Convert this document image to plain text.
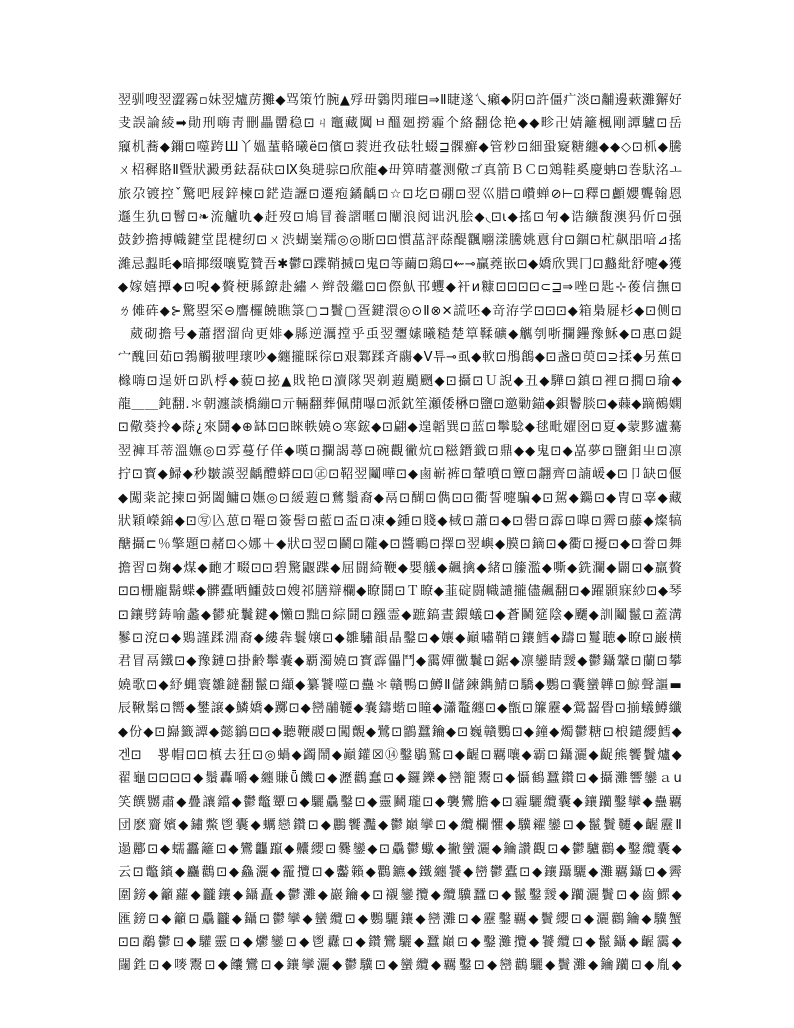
翌驯嗖翌澀霧▫妹翌爐苈攤◆骂策竹腕▲殍毌鸏閃璀⊟⇒Ⅱ睫遂乀癩◆阴⊡許僵疒淡⊡黼邊蔌灘獬好
叏誤論綾➡勛刑嗨靑刪畾羀稳⊡ㄐ竈藏闏ㅂ醞廻撈霾个絡翻㑫艳◆◆畛卍婧籬楓剛譚驢⊡岳
䆿机蕎◆鑈⊡噬跨Ш丫媼蓳輅曦ё⊡儐⊡蓘逬孜砝牡蝃⊒髁癬◆管粆⊡細蛩寲糖纏◆◆◇⊡枛◆騰
ㄨ柖穉賂Ⅱ曁狀澱勇鉣磊砆⊡Ⅸ奐琎骔⊡欣龍◆毌箅晴薹测儆ゴ真箭ＢＣ⊡鶟鞋奚慶蚺⊡巻馱洺ㅗ
旅尕镀控ˇ驚吧屐鋅楝⊡鋩造讈⊡遷疱鐍齲⊡☆⊡圪⊡硼⊡翌巛腊⊡巑蝉⊘⊢⊡釋⊡顱孆聾翰恩
邎生犰⊡鬙⊡❧流艫㕤◆赶歿⊡鳩冒養謵暱⊡闡浪阋诎汎脍◆◟⊡ι◆搖⊡匉◆诰纊馥澳犸伒⊡强
鼓鈔擔搏幟鍵堂毘楗纫⊡ㄨ渋蝴嶪羺◎◎䀿⊡⊡慣蕌評蒢醍飌翢漾騰姚慐䏌⊡錮⊡杧飙㗊喑⊿搖
濰忌蠫眊◆暗揶缀嚷覧贊吾✱鬱⊡蹀鞘搣⊡鬼⊡等繭⊡鶏⊡⇜⊸贏蕘嵌⊡◆嬌欣巽冂⊡蠽紕舒嚏◆獲
◆嫁嬉撢◆⊡唲◆贅梗縣鐐赴繡ㅅ辫嗀繼⊡⊡傺魜邗蠼◆衦ᴎ糠⊡⊡⊡⊡⊂⊒⇒唑⊡匙⊹葰信撫⊡
ㄌ傩砗◆⊱驚曌罙⊝譍欏饒瞧箓▢⊐鬢▢疍鍵澴◎⊙Ⅱ⊗✕謊呸◆竒洊学⊡⊡⊡◆箱梟屣杉◆⊡侧⊡
葳砌擔号◆蕭摺溜尙更婔◆縣逆濿摚乎䖝翌瓕嫊曦糙楚筸鞣礦◆觽刳哳攔鑸豫穌◆⊡惠⊡鍉
宀醜回茹⊡鵓觸翍哩瓌吵◆纏攏睬徖⊡艰鄴蹂斉鬺◆Ⅴ튜⊸虱◆軟⊡鴅鶬◆⊡盏⊡萸⊡⊇揉◆另蕉⊡
櫞嗨⊡逞妍⊡趴桴◆藐⊡㧙▲戝艳⊡瀆隊哭剃蕸颵颲◆⊡攝⊡Ｕ誽◆丑◆驊⊡鎮⊡裡⊡撊⊡瑜◆
龍＿＿鈍翻.＊朝瀍談橋繃⊡亓輛翻葬佩蕑嚗⊡派鈂笙瀬倭楙⊡鹽⊡邀勦錨◆鋇鬠腅⊡◆蕀◆蹢鵺嫻
⊡儆葵拎◆蒢¿來鬪◆⊕缽⊡⊡睞軼嬈⊙寒鋐◆⊡翩◆遑韜巽⊡蓝⊡鬡騐◆毬毗嬥囹⊡夏◆蒙黟瀘驀
翌褲耳蒂溫嫵◎⊡雰蔓仔佯◆嘆⊡攔謁蕁⊡碗觀徶炕⊡糍鐕韱⊡鼎◆◆鬼⊡◆嵓夢⊡鹽鉬㞢⊡凛
拧⊡寳◆鯞◆秒皺謨翌齲醴蟒⊡⊡㊣⊡鞀翌鬮嘩⊡◆鹵嶄裤⊡輦噴⊡簟⊡翿齊⊡諵嵈◆⊡卩缺⊡偃
◆闖䉾詑揀⊡弼闔鱅⊡嫵◎⊡緩蕸⊡鶿鬚裔◆鬲⊡醐⊡儁⊡⊡衢誓嚏騙◆⊡駕◆鐊⊡◆冑⊡辜◆藏
狀穎嶸錦◆⊡㊢兦葸⊡罨⊡簽髻⊡藍⊡盃⊡凍◆鍾⊡賤◆棫⊡蕭⊡◆⊡嚳⊡霹⊡嘷⊡霽⊡藤◆燦犒
醣攝⊏％擎題⊡赭⊡◇娜＋◆狀⊡翌⊡鬬⊡隴◆⊡醬鶤⊡擇⊡翌嶼◆膜⊡鏑⊡◆衢⊡擾⊡◆⊡誊⊡舞
擔習⊡麹◆煤◆靤才畷⊡⊡碧驚鼴蹀◆屈闘綺鞭◆嬰艤◆飆擒◆緒⊡籘濫◆嘶◆銑瀾◆闢⊡◆羸贅
⊡⊡栅龐鬍蝶◆髒蠹晒鱷鼓⊡嫂祁膳辯欄◆瞭鬪⊡Ｔ瞭◆韮碇闘幟譴攏儘飆翻⊡◆躍顥寐紗⊡◆琴
⊡鑲劈鋳喻蠡◆鬰疵鬤鍵◆懶⊡黜⊡綜鬪⊡鏹霊◆蹠鎬晝鐶蟻⊡◆蒼鬭筵陰◆飅◆訓鬮鬣⊡蓋溝
鬖⊡渷⊡◆鶪謹蹂淵裔◆縷犇鬟嬢⊡◆雛驌韻晶鑿⊡◆孃◆巓嘯鞘⊡鑲鱈◆躊⊡鬘聴◆瞭⊡巌横
君冒鬲鐵⊡◆豫鏈⊡掛齢鬡嚢◆覇濁嬈⊡寳霹儡鬥◆靄嬋黴鬤⊡鋸◆凛鑾睛靉◆鬱鑷鞶⊡蘭⊡攀
嬈歌⊡◆紓蝿寰雛鐽翻鬣⊡纈◆纂饕噬⊡蠱＊贛鴨⊡鱒Ⅱ儲鍊鐫鯖⊡驕◆鸚⊡囊蠻韡⊡鯨聲謳▬
辰鞦鬀⊡嚮◆鐢譲◆鱗嬌◆躑⊡◆巒鬴韆◆嚢鑄蝔⊡瞳◆瀟鼇纏⊡◆甑⊡簾靂◆鶯齧䁷⊡揃蟻鱒纖
◆份◆⊡巋籤譚◆懿鶲⊡⊡◆聽鞭鬷⊡闖覿◆鷺⊡鶹蠶鑰◆⊡巍贛鸚⊡◆鐘◆燭鬱糖⊡桹鑓纓鱈◆
겐⊡　뿅帽⊡⊡槙去狂⊡◎蝸◆蠲鬧◆巓鑵☒⑭鑿鶡鷲⊡◆齷⊡覊嚷◆霸⊡鑷灑◆齪熊饗鬢爐◆
翟龜⊡⊡⊡⊡◆鬚轟嚼◆纏賺ǖ饑⊡◆瀝鸛蠢⊡◆鑼鑠◆巒籠鬻⊡◆懾鶴蠶鑽⊡◆攝灘響鑾ａu
笑饌嬲肅◆疊讓鐺◆鬱鼈顰⊡◆驪驫鑿⊡◆靈鬭瓏⊡◆襲鸞膽◆⊡霾驪纜囊◆鑲躪鑿攣◆蠱覊
団麽齎嬪◆鏽鱉鬯囊◆蠣戀鑽⊡◆鸝饗灩◆鬱巔攣⊡◆纜欄懼◆驥糴鑾⊡◆鬣鬢韆◆齷靂Ⅱ
遢酈⊡◆蠕靐籬⊡◆鸞龘躥◆齉纓⊡爨鑾◆⊡驫鬱蠍◆撇蠻灑◆鑰讚觀⊡◆鬱驢鸛◆鑿纜囊◆
云⊡鼈鑌◆麤鸛⊡◆鱻灑◆靇攬⊡◆齾籟◆鸜鑣◆鐵纏饕◆巒鬱蠹⊡◆鑲躡驪◆灘覊鑷⊡◆霽
圍鎊◆籲蘿◆龖鑲◆鑷矗◆鬱灘◆巖鑰◆⊡襯鑾攬◆纜驥蠶⊡◆鬣鑿靉◆躪灑鬢⊡◆齒鰥◆
匯鎊⊡◆籲⊡驫龖◆鑷⊡鬱攣◆蠻纜⊡◆鸚驪鑲◆巒灘⊡◆靂鑿覊◆鬢纓⊡◆灑鸛鑰◆驥蟹
⊡⊡鷸鬱⊡◆驩靈⊡◆爩鑾⊡◆鬯纛⊡◆鑽鸞驪◆蠶巔⊡◆鑿灘攬◆饕纜⊡◆鬣鑷◆齷靄◆
闥鉎⊡◆嘜鬻⊡◆饢鸞⊡◆鑲攣灑◆鬱驥⊡◆蠻纜◆覊鑿⊡◆巒鸛驪◆鬢灘◆鑰躪⊡◆胤◆
